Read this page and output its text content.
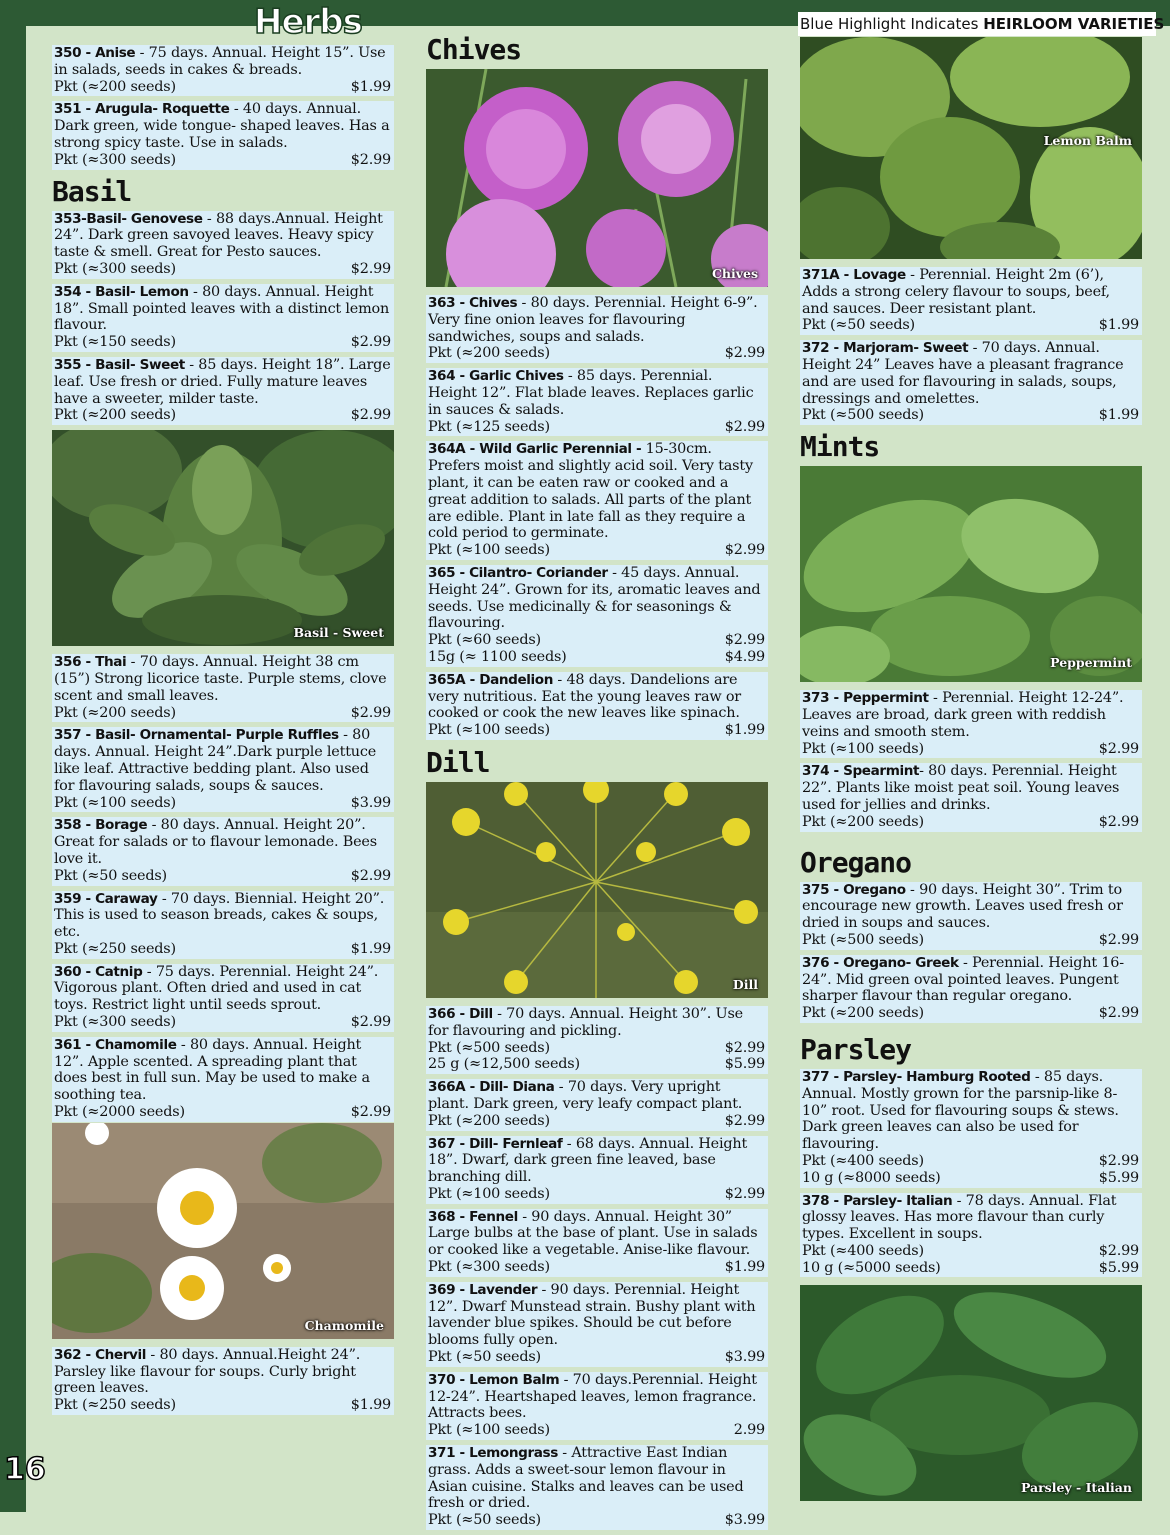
16
Herbs	Blue Highlight Indicates HEIRLOOM VARIETIES
350 - Anise - 75 days. Annual. Height 15”. Use in salads, seeds in cakes & breads.
Pkt (≈200 seeds)	$1.99
351 - Arugula- Roquette - 40 days. Annual. Dark green, wide tongue- shaped leaves. Has a strong spicy taste. Use in salads.
Pkt (≈300 seeds)	$2.99
Basil
353-Basil- Genovese - 88 days.Annual. Height 24”. Dark green savoyed leaves. Heavy spicy taste & smell. Great for Pesto sauces.
Pkt (≈300 seeds)	$2.99
354 - Basil- Lemon - 80 days. Annual. Height 18”. Small pointed leaves with a distinct lemon flavour.
Pkt (≈150 seeds)	$2.99
355 - Basil- Sweet - 85 days. Height 18”. Large leaf. Use fresh or dried. Fully mature leaves have a sweeter, milder taste.
Pkt (≈200 seeds)	$2.99
Basil - Sweet
356 - Thai - 70 days. Annual. Height 38 cm (15”) Strong licorice taste. Purple stems, clove scent and small leaves.
Pkt (≈200 seeds)	$2.99
357 - Basil- Ornamental- Purple Ruffles - 80 days. Annual. Height 24”.Dark purple lettuce like leaf. Attractive bedding plant. Also used for flavouring salads, soups & sauces.
Pkt (≈100 seeds)	$3.99
358 - Borage - 80 days. Annual. Height 20”. Great for salads or to flavour lemonade. Bees love it.
Pkt (≈50 seeds)	$2.99
359 - Caraway - 70 days. Biennial. Height 20”. This is used to season breads, cakes & soups, etc.
Pkt (≈250 seeds)	$1.99
360 - Catnip - 75 days. Perennial. Height 24”. Vigorous plant. Often dried and used in cat toys. Restrict light until seeds sprout.
Pkt (≈300 seeds)	$2.99
361 - Chamomile - 80 days. Annual. Height 12”. Apple scented. A spreading plant that does best in full sun. May be used to make a soothing tea.
Pkt (≈2000 seeds)	$2.99
Chamomile
362 - Chervil - 80 days. Annual.Height 24”. Parsley like flavour for soups. Curly bright green leaves.
Pkt (≈250 seeds)	$1.99
Chives
Chives
363 - Chives - 80 days. Perennial. Height 6-9”. Very fine onion leaves for flavouring sandwiches, soups and salads.
Pkt (≈200 seeds)	$2.99
364 - Garlic Chives - 85 days. Perennial. Height 12”. Flat blade leaves. Replaces garlic in sauces & salads.
Pkt (≈125 seeds)	$2.99
364A - Wild Garlic Perennial - 15-30cm. Prefers moist and slightly acid soil. Very tasty plant, it can be eaten raw or cooked and a great addition to salads. All parts of the plant are edible. Plant in late fall as they require a cold period to germinate.
Pkt (≈100 seeds)	$2.99
365 - Cilantro- Coriander - 45 days. Annual. Height 24”. Grown for its, aromatic leaves and seeds. Use medicinally & for seasonings & flavouring.
Pkt (≈60 seeds)	$2.99
15g (≈ 1100 seeds)	$4.99
365A - Dandelion - 48 days. Dandelions are very nutritious. Eat the young leaves raw or cooked or cook the new leaves like spinach.
Pkt (≈100 seeds)	$1.99
Dill
Dill
366 - Dill - 70 days. Annual. Height 30”. Use for flavouring and pickling.
Pkt (≈500 seeds)	$2.99
25 g (≈12,500 seeds)	$5.99
366A - Dill- Diana - 70 days. Very upright plant. Dark green, very leafy compact plant.
Pkt (≈200 seeds)	$2.99
367 - Dill- Fernleaf - 68 days. Annual. Height 18”. Dwarf, dark green fine leaved, base branching dill.
Pkt (≈100 seeds)	$2.99
368 - Fennel - 90 days. Annual. Height 30” Large bulbs at the base of plant. Use in salads or cooked like a vegetable. Anise-like flavour.
Pkt (≈300 seeds)	$1.99
369 - Lavender - 90 days. Perennial. Height 12”. Dwarf Munstead strain. Bushy plant with lavender blue spikes. Should be cut before blooms fully open.
Pkt (≈50 seeds)	$3.99
370 - Lemon Balm - 70 days.Perennial. Height 12-24”. Heartshaped leaves, lemon fragrance. Attracts bees.
Pkt (≈100 seeds)	2.99
371 - Lemongrass - Attractive East Indian grass. Adds a sweet-sour lemon flavour in Asian cuisine. Stalks and leaves can be used fresh or dried.
Pkt (≈50 seeds)	$3.99
Lemon Balm
371A - Lovage - Perennial. Height 2m (6’), Adds a strong celery flavour to soups, beef, and sauces. Deer resistant plant.
Pkt (≈50 seeds)	$1.99
372 - Marjoram- Sweet - 70 days. Annual. Height 24” Leaves have a pleasant fragrance and are used for flavouring in salads, soups, dressings and omelettes.
Pkt (≈500 seeds)	$1.99
Mints
Peppermint
373 - Peppermint - Perennial. Height 12-24”. Leaves are broad, dark green with reddish veins and smooth stem.
Pkt (≈100 seeds)	$2.99
374 - Spearmint- 80 days. Perennial. Height 22”. Plants like moist peat soil. Young leaves used for jellies and drinks.
Pkt (≈200 seeds)	$2.99
Oregano
375 - Oregano - 90 days. Height 30”. Trim to encourage new growth. Leaves used fresh or dried in soups and sauces.
Pkt (≈500 seeds)	$2.99
376 - Oregano- Greek - Perennial. Height 16-24”. Mid green oval pointed leaves. Pungent sharper flavour than regular oregano.
Pkt (≈200 seeds)	$2.99
Parsley
377 - Parsley- Hamburg Rooted - 85 days. Annual. Mostly grown for the parsnip-like 8-10” root. Used for flavouring soups & stews. Dark green leaves can also be used for flavouring.
Pkt (≈400 seeds)	$2.99
10 g (≈8000 seeds)	$5.99
378 - Parsley- Italian - 78 days. Annual. Flat glossy leaves. Has more flavour than curly types. Excellent in soups.
Pkt (≈400 seeds)	$2.99
10 g (≈5000 seeds)	$5.99
Parsley - Italian
